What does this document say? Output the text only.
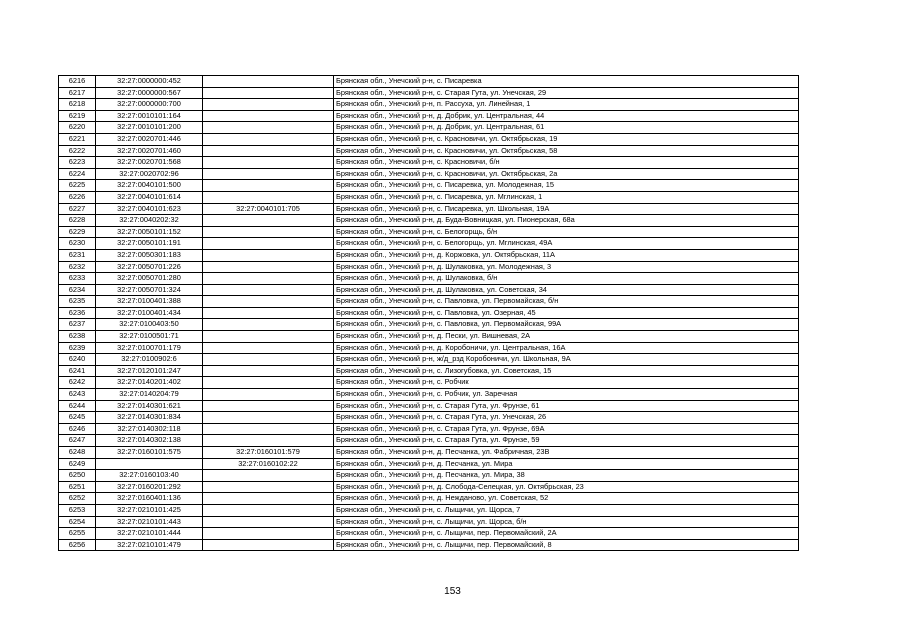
6216	32:27:0000000:452		Брянская обл., Унечский р-н, с. Писаревка
6217	32:27:0000000:567		Брянская обл., Унечский р-н, с. Старая Гута, ул. Унечская, 29
6218	32:27:0000000:700		Брянская обл., Унечский р-н, п. Рассуха, ул. Линейная, 1
6219	32:27:0010101:164		Брянская обл., Унечский р-н, д. Добрик, ул. Центральная, 44
6220	32:27:0010101:200		Брянская обл., Унечский р-н, д. Добрик, ул. Центральная, 61
6221	32:27:0020701:446		Брянская обл., Унечский р-н, с. Красновичи, ул. Октябрьская, 19
6222	32:27:0020701:460		Брянская обл., Унечский р-н, с. Красновичи, ул. Октябрьская, 58
6223	32:27:0020701:568		Брянская обл., Унечский р-н, с. Красновичи, б/н
6224	32:27:0020702:96		Брянская обл., Унечский р-н, с. Красновичи, ул. Октябрьская, 2а
6225	32:27:0040101:500		Брянская обл., Унечский р-н, с. Писаревка, ул. Молодежная, 15
6226	32:27:0040101:614		Брянская обл., Унечский р-н, с. Писаревка, ул. Мглинская, 1
6227	32:27:0040101:623	32:27:0040101:705	Брянская обл., Унечский р-н, с. Писаревка, ул. Школьная, 19А
6228	32:27:0040202:32		Брянская обл., Унечский р-н, д. Буда-Вовницкая, ул. Пионерская, 68а
6229	32:27:0050101:152		Брянская обл., Унечский р-н, с. Белогорщь, б/н
6230	32:27:0050101:191		Брянская обл., Унечский р-н, с. Белогорщь, ул. Мглинская, 49А
6231	32:27:0050301:183		Брянская обл., Унечский р-н, д. Коржовка, ул. Октябрьская, 11А
6232	32:27:0050701:226		Брянская обл., Унечский р-н, д. Шулаковка, ул. Молодежная, 3
6233	32:27:0050701:280		Брянская обл., Унечский р-н, д. Шулаковка, б/н
6234	32:27:0050701:324		Брянская обл., Унечский р-н, д. Шулаковка, ул. Советская, 34
6235	32:27:0100401:388		Брянская обл., Унечский р-н, с. Павловка, ул. Первомайская, б/н
6236	32:27:0100401:434		Брянская обл., Унечский р-н, с. Павловка, ул. Озерная, 45
6237	32:27:0100403:50		Брянская обл., Унечский р-н, с. Павловка, ул. Первомайская, 99А
6238	32:27:0100501:71		Брянская обл., Унечский р-н, д. Пески, ул. Вишневая, 2А
6239	32:27:0100701:179		Брянская обл., Унечский р-н, д. Коробоничи, ул. Центральная, 16А
6240	32:27:0100902:6		Брянская обл., Унечский р-н, ж/д_рзд Коробоничи, ул. Школьная, 9А
6241	32:27:0120101:247		Брянская обл., Унечский р-н, с. Лизогубовка, ул. Советская, 15
6242	32:27:0140201:402		Брянская обл., Унечский р-н, с. Робчик
6243	32:27:0140204:79		Брянская обл., Унечский р-н, с. Робчик, ул. Заречная
6244	32:27:0140301:621		Брянская обл., Унечский р-н, с. Старая Гута, ул. Фрунзе, 61
6245	32:27:0140301:834		Брянская обл., Унечский р-н, с. Старая Гута, ул. Унечская, 26
6246	32:27:0140302:118		Брянская обл., Унечский р-н, с. Старая Гута, ул. Фрунзе, 69А
6247	32:27:0140302:138		Брянская обл., Унечский р-н, с. Старая Гута, ул. Фрунзе, 59
6248	32:27:0160101:575	32:27:0160101:579	Брянская обл., Унечский р-н, д. Песчанка, ул. Фабричная, 23В
6249		32:27:0160102:22	Брянская обл., Унечский р-н, д. Песчанка, ул. Мира
6250	32:27:0160103:40		Брянская обл., Унечский р-н, д. Песчанка, ул. Мира, 38
6251	32:27:0160201:292		Брянская обл., Унечский р-н, д. Слобода-Селецкая, ул. Октябрьская, 23
6252	32:27:0160401:136		Брянская обл., Унечский р-н, д. Нежданово, ул. Советская, 52
6253	32:27:0210101:425		Брянская обл., Унечский р-н, с. Лыщичи, ул. Щорса, 7
6254	32:27:0210101:443		Брянская обл., Унечский р-н, с. Лыщичи, ул. Щорса, б/н
6255	32:27:0210101:444		Брянская обл., Унечский р-н, с. Лыщичи, пер. Первомайский, 2А
6256	32:27:0210101:479		Брянская обл., Унечский р-н, с. Лыщичи, пер. Первомайский, 8
153
